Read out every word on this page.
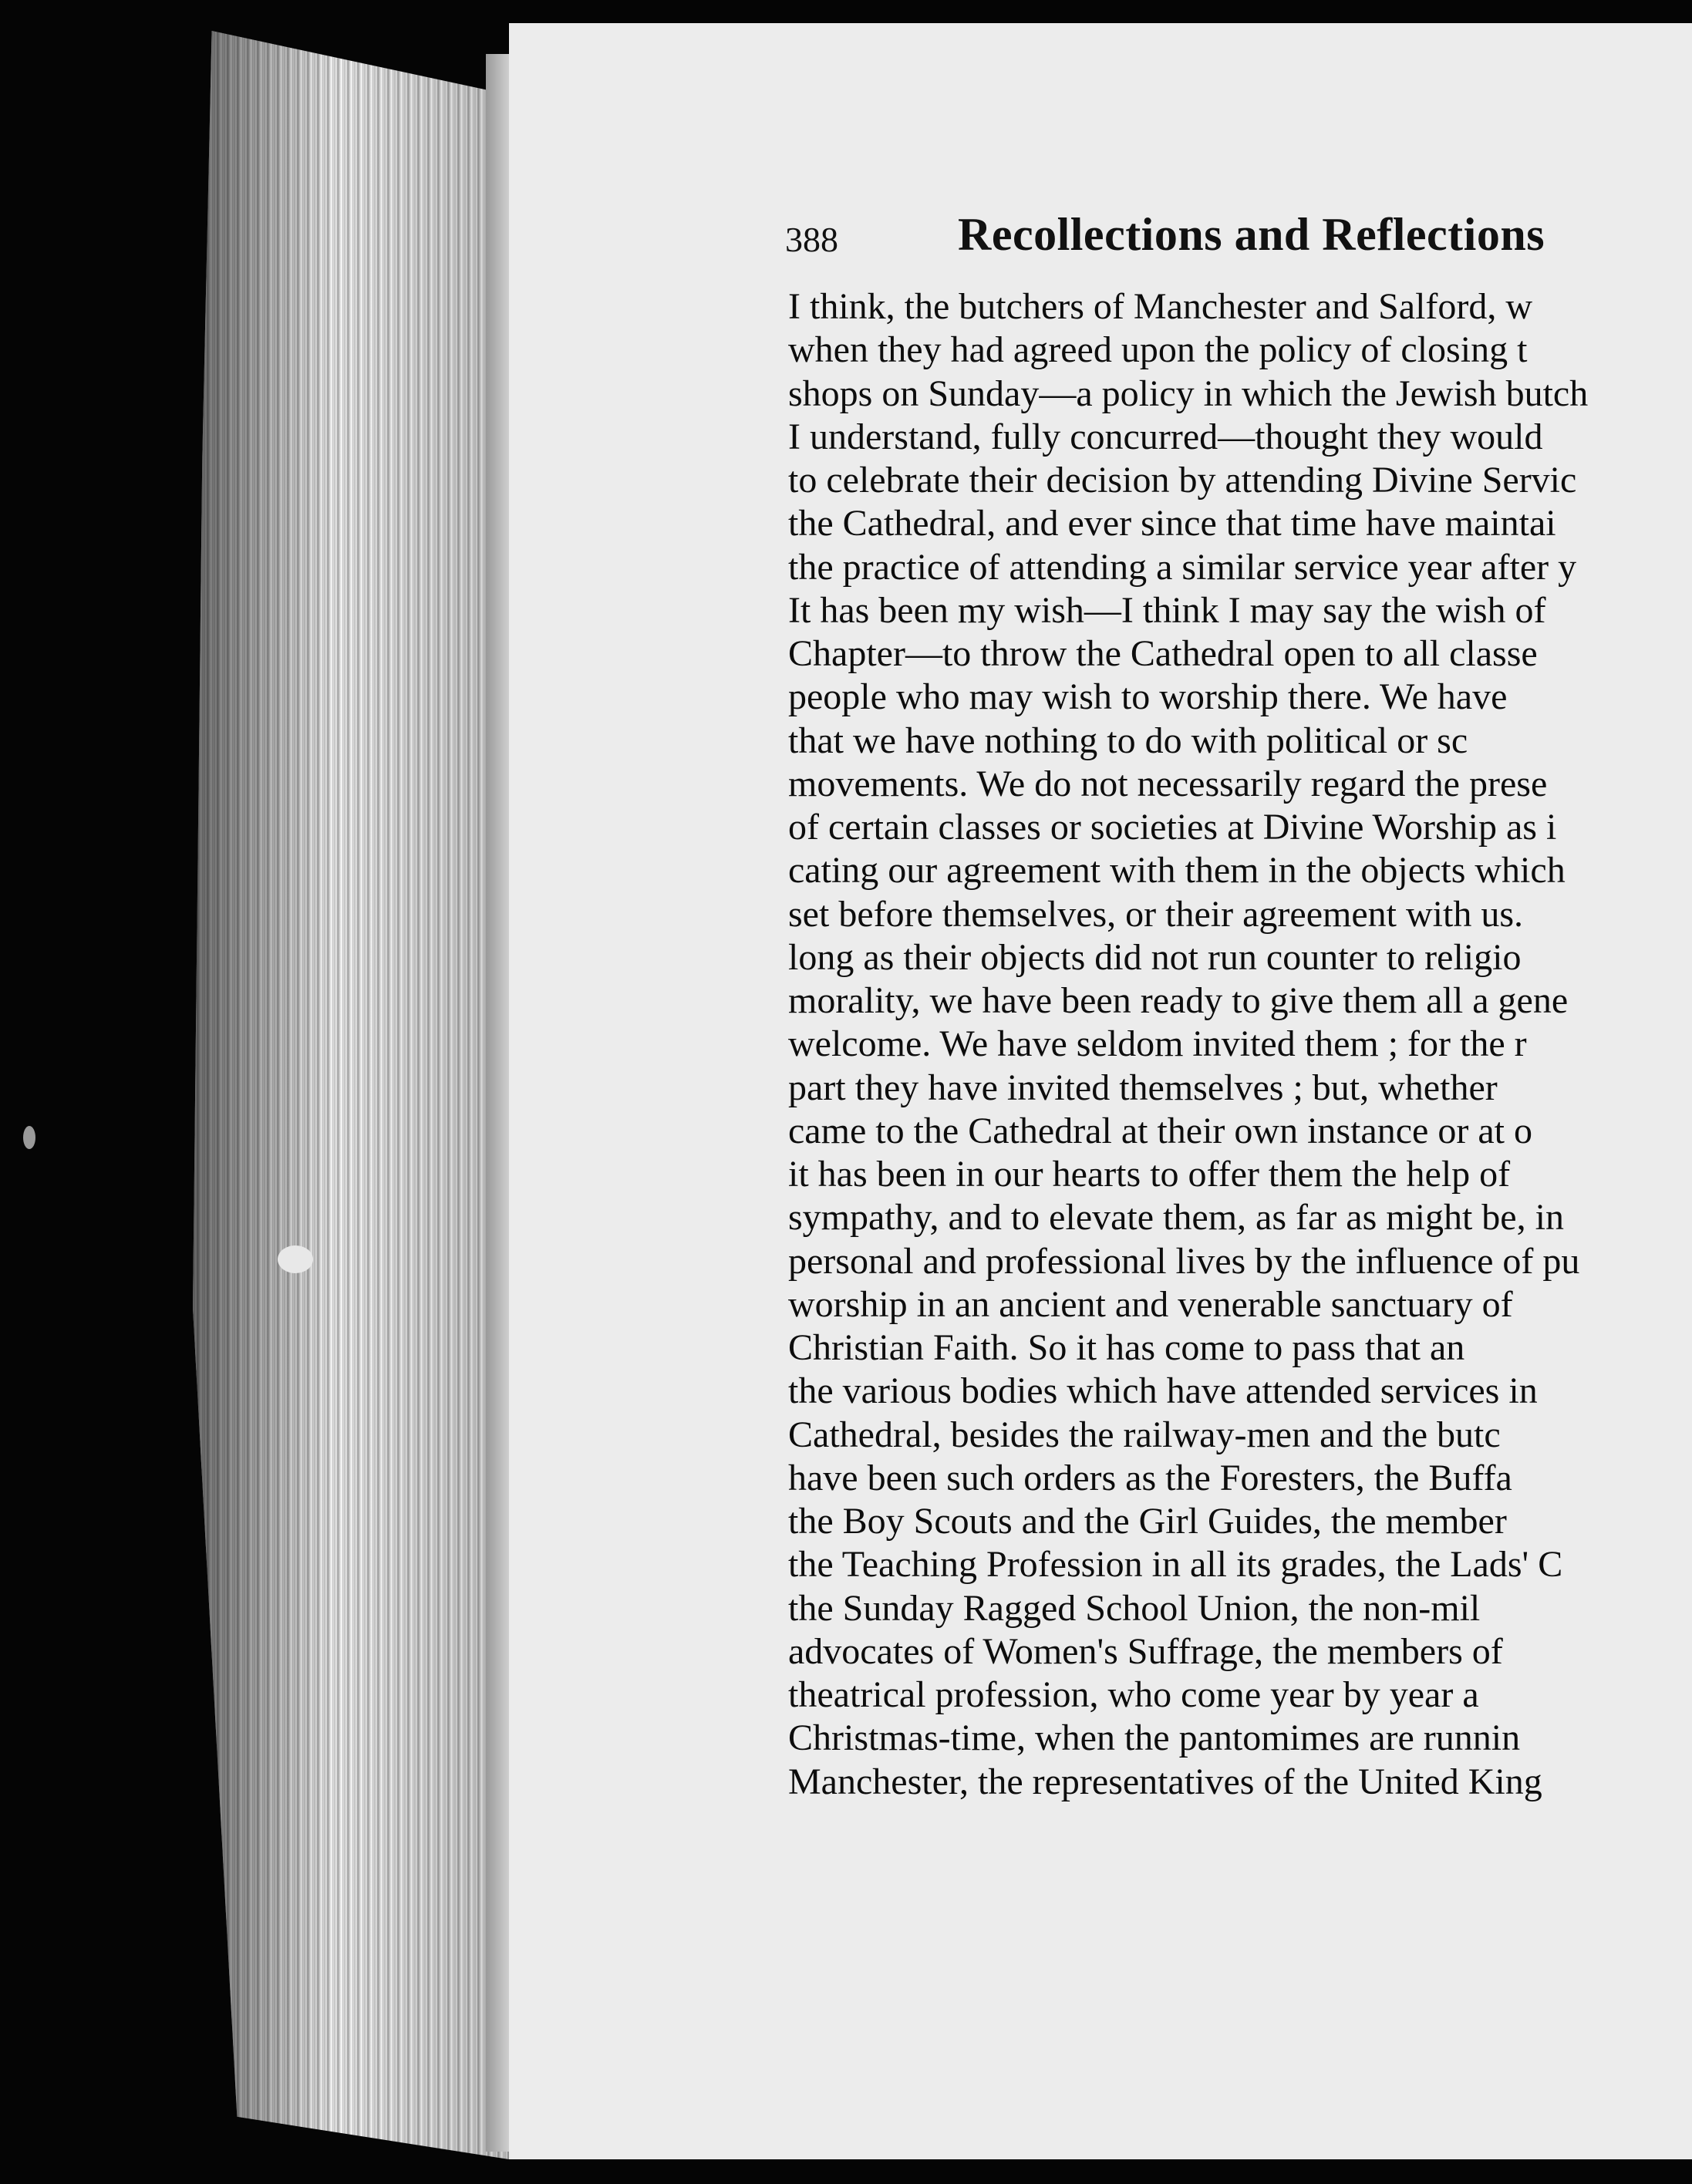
388	Recollections and Reflections
I think, the butchers of Manchester and Salford, w
when they had agreed upon the policy of closing t
shops on Sunday—a policy in which the Jewish butch
I understand, fully concurred—thought they would
to celebrate their decision by attending Divine Servic
the Cathedral, and ever since that time have maintai
the practice of attending a similar service year after y
It has been my wish—I think I may say the wish of
Chapter—to throw the Cathedral open to all classe
people who may wish to worship there. We have
that we have nothing to do with political or sc
movements. We do not necessarily regard the prese
of certain classes or societies at Divine Worship as i
cating our agreement with them in the objects which
set before themselves, or their agreement with us.
long as their objects did not run counter to religio
morality, we have been ready to give them all a gene
welcome. We have seldom invited them ; for the r
part they have invited themselves ; but, whether
came to the Cathedral at their own instance or at o
it has been in our hearts to offer them the help of
sympathy, and to elevate them, as far as might be, in
personal and professional lives by the influence of pu
worship in an ancient and venerable sanctuary of
Christian Faith. So it has come to pass that an
the various bodies which have attended services in
Cathedral, besides the railway-men and the butc
have been such orders as the Foresters, the Buffa
the Boy Scouts and the Girl Guides, the member
the Teaching Profession in all its grades, the Lads' C
the Sunday Ragged School Union, the non-mil
advocates of Women's Suffrage, the members of
theatrical profession, who come year by year a
Christmas-time, when the pantomimes are runnin
Manchester, the representatives of the United King
